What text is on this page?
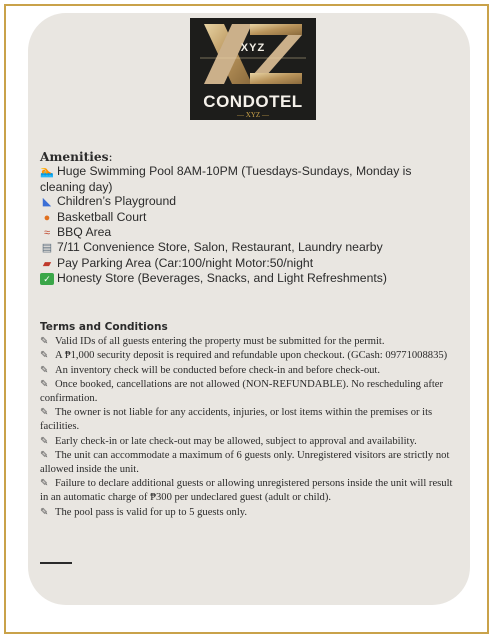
XYZ
CONDOTEL
— XYZ —
Amenities:
🏊 Huge Swimming Pool 8AM-10PM (Tuesdays-Sundays, Monday is cleaning day)
◣ Children’s Playground
● Basketball Court
≈ BBQ Area
▤ 7/11 Convenience Store, Salon, Restaurant, Laundry nearby
▰ Pay Parking Area (Car:100/night Motor:50/night
✓ Honesty Store (Beverages, Snacks, and Light Refreshments)
Terms and Conditions
✎ Valid IDs of all guests entering the property must be submitted for the permit.
✎ A ₱1,000 security deposit is required and refundable upon checkout. (GCash: 09771008835)
✎ An inventory check will be conducted before check-in and before check-out.
✎ Once booked, cancellations are not allowed (NON-REFUNDABLE). No rescheduling after confirmation.
✎ The owner is not liable for any accidents, injuries, or lost items within the premises or its facilities.
✎ Early check-in or late check-out may be allowed, subject to approval and availability.
✎ The unit can accommodate a maximum of 6 guests only. Unregistered visitors are strictly not allowed inside the unit.
✎ Failure to declare additional guests or allowing unregistered persons inside the unit will result in an automatic charge of ₱300 per undeclared guest (adult or child).
✎ The pool pass is valid for up to 5 guests only.
